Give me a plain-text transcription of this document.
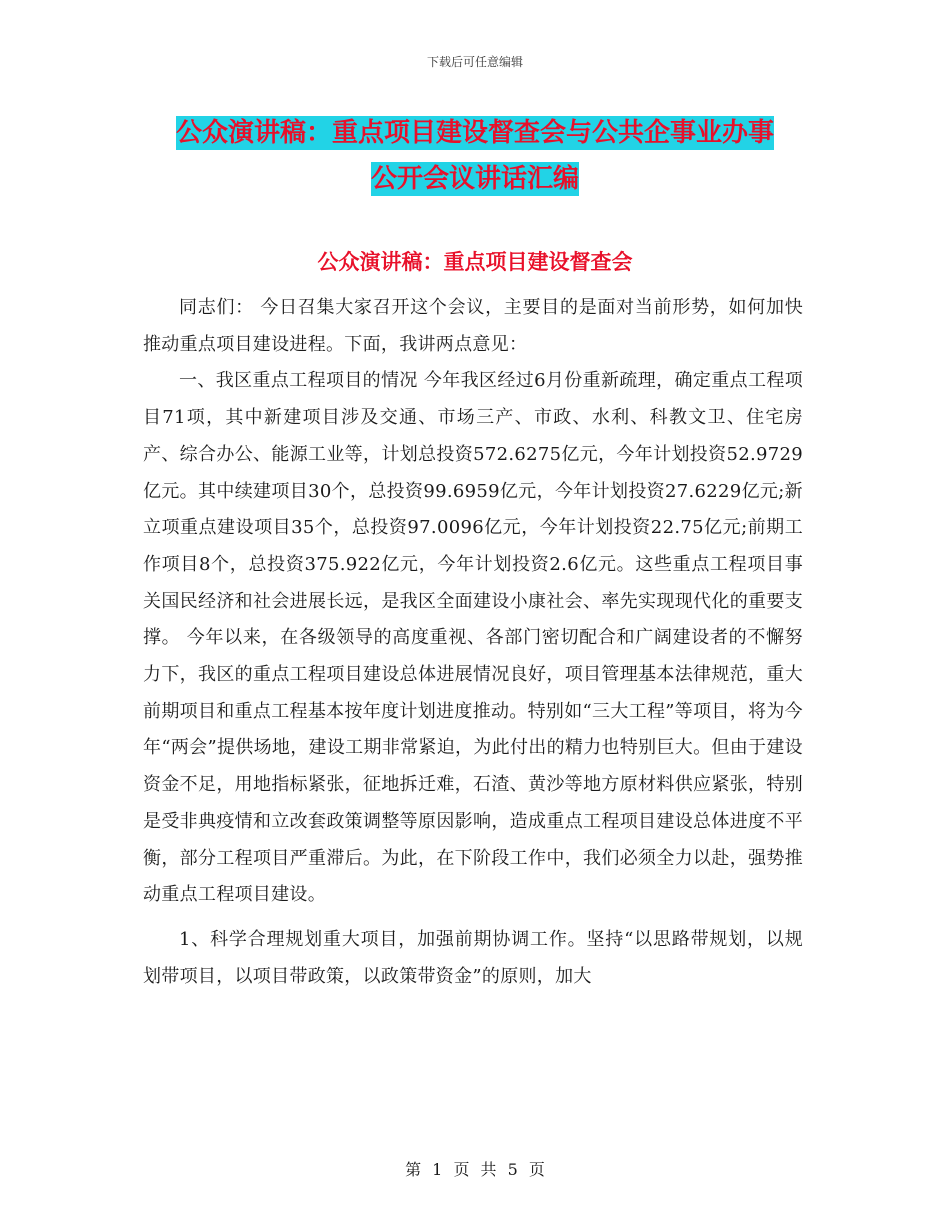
下载后可任意编辑
公众演讲稿：重点项目建设督查会与公共企事业办事
公开会议讲话汇编
公众演讲稿：重点项目建设督查会

同志们： 今日召集大家召开这个会议，主要目的是面对当前形势，如何加快推动重点项目建设进程。下面，我讲两点意见：

一、我区重点工程项目的情况 今年我区经过6月份重新疏理，确定重点工程项目71项，其中新建项目涉及交通、市场三产、市政、水利、科教文卫、住宅房产、综合办公、能源工业等，计划总投资572.6275亿元，今年计划投资52.9729亿元。其中续建项目30个，总投资99.6959亿元，今年计划投资27.6229亿元;新立项重点建设项目35个，总投资97.0096亿元，今年计划投资22.75亿元;前期工作项目8个，总投资375.922亿元，今年计划投资2.6亿元。这些重点工程项目事关国民经济和社会进展长远，是我区全面建设小康社会、率先实现现代化的重要支撑。 今年以来，在各级领导的高度重视、各部门密切配合和广阔建设者的不懈努力下，我区的重点工程项目建设总体进展情况良好，项目管理基本法律规范，重大前期项目和重点工程基本按年度计划进度推动。特别如“三大工程”等项目，将为今年“两会”提供场地，建设工期非常紧迫，为此付出的精力也特别巨大。但由于建设资金不足，用地指标紧张，征地拆迁难，石渣、黄沙等地方原材料供应紧张，特别是受非典疫情和立改套政策调整等原因影响，造成重点工程项目建设总体进度不平衡，部分工程项目严重滞后。为此，在下阶段工作中，我们必须全力以赴，强势推动重点工程项目建设。

1、科学合理规划重大项目，加强前期协调工作。坚持“以思路带规划，以规划带项目，以项目带政策，以政策带资金”的原则，加大

第 1 页 共 5 页
